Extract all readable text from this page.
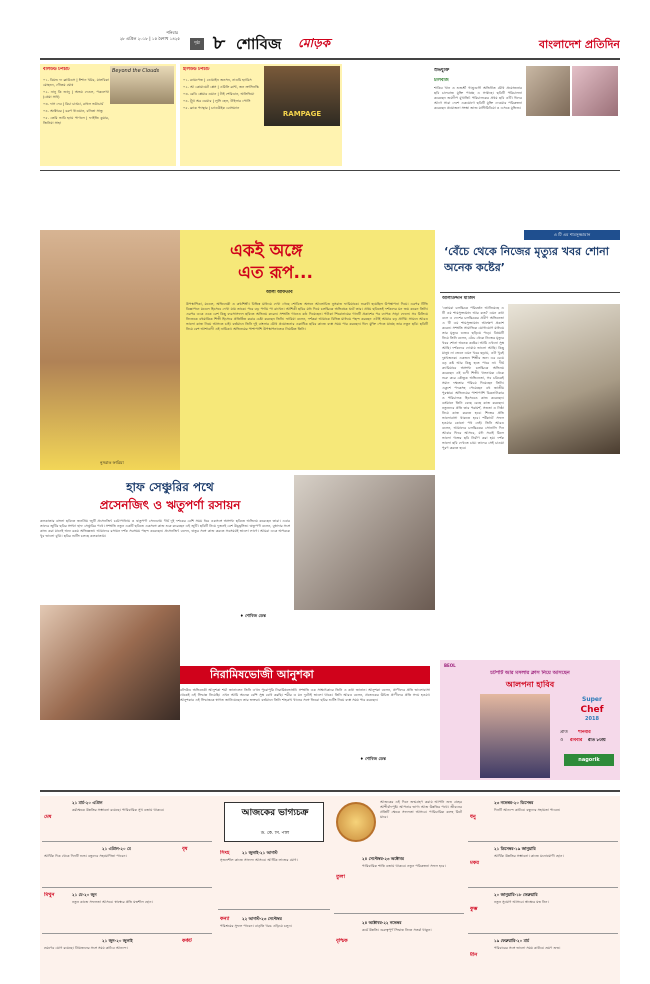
শনিবার
২৮ এপ্রিল ২০১৮ | ১৫ বৈশাখ ১৪২৫
পৃষ্ঠা ৮ শোবিজ	মোড়ক	বাংলাদেশ প্রতিদিন
বলিউড টপচার্ট	Beyond the Clouds
০১. বিয়ন্ড দ্য ক্লাউডস | ঈশান খট্টর, মালবিকা মোহনন, গৌতম ঘোষ
০২. নানু কি জানু | অভয় দেওল, পত্রলেখা (প্রেমা সাধ)
০৩. দাস দেব | রিচা চাড্ডা, রাহুল ভট্টাচার্য
০৪. অক্টোবর | বরুণ ধাওয়ান, বনিতা সান্ধু
০৫. তেরি ভাবি হ্যায় পাগলে | ফাইজি কুমার, জিনিয়া সাহা
হলিউড টপচার্ট
RAMPAGE
০১. র‍্যামপেজ | ডোয়াইন জনসন, নাওমি হ্যারিস
০২. আ কোয়ায়েট প্লেস | এমিলি ব্লান্ট, জন ক্রাসিনস্কি
০৩. রেডি প্লেয়ার ওয়ান | টাই শেরিডান, অলিভিয়া
০৪. ট্রুথ অর ডেয়ার | লুসি হেল, টাইলার পোসি
০৫. ব্ল্যাক প্যান্থার | চ্যাডউইক বোসম্যান
শুভযুক্তি
চালবাজ
শাকিব খান ও শুভশ্রী গাঙ্গুলী অভিনীত যৌথ প্রযোজনার ছবি চালবাজ মুক্তি পাচ্ছে এ সপ্তাহে। ছবিটি পরিচালনা করেছেন জয়দীপ মুখার্জি। পরিচালকের প্রথম ছবি এটি। ঈদের আগে সারা দেশে একযোগে ছবিটি মুক্তি দেওয়ার পরিকল্পনা করেছেন প্রযোজনা সংস্থা জাজ মাল্টিমিডিয়া ও এসকে মুভিজ।
নুসরাত ফারিয়া
একই অঙ্গে
এত রূপ...
আলী আফতাব
উপস্থাপিকা, মডেল, অভিনেত্রী ও কণ্ঠশিল্পী। বিভিন্ন মাধ্যমে দেখা গেছে শোবিজ অঙ্গনে আলোচিত নুসরাত ফারিয়াকে। শুরুটা হয়েছিল উপস্থাপনা দিয়ে। এরপর টিভি বিজ্ঞাপনে মডেল হিসেবে দেখা যায় তাকে। পরে বড় পর্দায় পা রাখেন। আশিকী ছবির মধ্য দিয়ে চলচ্চিত্রে অভিষেক ঘটে তার। প্রথম ছবিতেই দর্শকদের মন জয় করেন তিনি। এরপর একে একে বেশ কিছু ব্যবসাসফল ছবিতে অভিনয় করেন। সম্প্রতি গানেও কণ্ঠ দিয়েছেন। পটাকা শিরোনামের গানটি প্রকাশের পর ব্যাপক সাড়া ফেলে। সব মিলিয়ে নিজেকে বহুমাত্রিক শিল্পী হিসেবে প্রতিষ্ঠিত করার চেষ্টা করছেন তিনি। ফারিয়া বলেন, দর্শকরা আমাকে বিভিন্ন মাধ্যমে পছন্দ করছেন এটাই আমার বড় প্রাপ্তি। সামনে আরও ভালো কাজ নিয়ে আসতে চাই। বর্তমানে তিনি দুই বাংলার যৌথ প্রযোজনার একাধিক ছবির কাজে ব্যস্ত সময় পার করছেন। ঈদে মুক্তি পেতে যাচ্ছে তার নতুন ছবি। ছবিটি নিয়ে বেশ আশাবাদী এই নায়িকা। অভিনয়ের পাশাপাশি উপস্থাপনাতেও নিয়মিত তিনি।
এ টি এম শামসুজ্জামান
‘বেঁচে থেকে নিজের মৃত্যুর খবর শোনা অনেক কষ্টের’
আলাউদ্দীন মাজিদ
‘তোমরা চলচ্চিত্রে পরিবর্তন আনিয়েছে এ টি এম শামসুজ্জামান আর কত? এমন কথা বলে এ দেশের চলচ্চিত্রের প্রবীণ অভিনেতা এ টি এম শামসুজ্জামান আক্ষেপ প্রকাশ করেন। সম্প্রতি সামাজিক যোগাযোগ মাধ্যমে তার মৃত্যুর গুজব ছড়িয়ে পড়ে। বিষয়টি নিয়ে তিনি বলেন, বেঁচে থেকে নিজের মৃত্যুর খবর শোনা অনেক কষ্টের। আমি এখনো সুস্থ আছি। দর্শকদের দোয়ায় ভালো আছি। কিছু মানুষ না জেনে এমন খবর ছড়ায়, এটা খুবই দুঃখজনক। একজন শিল্পীর জন্য এর চেয়ে বড় কষ্ট আর কিছু হতে পারে না। দীর্ঘ ক্যারিয়ারে অসংখ্য চলচ্চিত্রে অভিনয় করেছেন এই গুণী শিল্পী। খলনায়ক থেকে শুরু করে কৌতুক অভিনেতা, সব চরিত্রেই সমান দক্ষতার পরিচয় দিয়েছেন তিনি। একুশে পদকসহ পেয়েছেন বহু জাতীয় পুরস্কার। অভিনয়ের পাশাপাশি চিত্রনাট্যকার ও পরিচালক হিসেবেও কাজ করেছেন। বর্তমানে তিনি বেছে বেছে কাজ করছেন। নতুনদের প্রতি তার পরামর্শ, সততা ও নিষ্ঠা নিয়ে কাজ করতে হবে। শিল্পের প্রতি ভালোবাসা থাকতে হবে। শর্টকাটে সফল হওয়ার কোনো পথ নেই। তিনি আরও বলেন, আমাদের চলচ্চিত্রের সোনালি দিন আবার ফিরে আসবে, যদি সবাই মিলে ভালো গল্পের ছবি নির্মাণ করা হয়। দর্শক ভালো ছবি দেখতে চায়। তাদের সেই চাওয়া পূরণ করতে হবে।
হাফ সেঞ্চুরির পথে
প্রসেনজিৎ ও ঋতুপর্ণা রসায়ন
কলকাতার বাংলা ছবিতে জনপ্রিয় জুটি প্রসেনজিৎ চট্টোপাধ্যায় ও ঋতুপর্ণা সেনগুপ্ত। দীর্ঘ দুই দশকের বেশি সময় ধরে একসঙ্গে অসংখ্য ছবিতে অভিনয় করেছেন তারা। এবার তাদের জুটির ছবির সংখ্যা হাফ সেঞ্চুরির পথে। সম্প্রতি নতুন একটি ছবিতে একসঙ্গে কাজ শুরু করেছেন এই জুটি। ছবিটি নিয়ে দুজনই বেশ উচ্ছ্বসিত। ঋতুপর্ণা বলেন, বুম্বাদার সঙ্গে কাজ করা মানেই অন্য রকম অভিজ্ঞতা। আমাদের রসায়ন দর্শক সবসময় পছন্দ করেছেন। প্রসেনজিৎ বলেন, ঋতুর সঙ্গে কাজ করতে সবসময়ই ভালো লাগে। আমরা একে অপরকে খুব ভালো বুঝি। ছবির শুটিং চলছে কলকাতায়।
♦ শোবিজ ডেস্ক
নিরামিষভোজী আনুশকা
বলিউড অভিনেত্রী আনুশকা শর্মা জানালেন তিনি এখন পুরোপুরি নিরামিষভোজী। সম্প্রতি এক সাক্ষাৎকারে তিনি এ কথা জানান। আনুশকা বলেন, প্রাণীদের প্রতি ভালোবাসা থেকেই এই সিদ্ধান্ত নিয়েছি। এখন আমি অনেক বেশি সুস্থ বোধ করছি। শরীর ও মন দুটোই ভালো থাকে। তিনি আরও বলেন, প্রত্যেকের উচিত প্রাণীদের প্রতি সদয় হওয়া। আনুশকার এই সিদ্ধান্তকে স্বাগত জানিয়েছেন তার ভক্তরা। বর্তমানে তিনি শাহরুখ খানের সঙ্গে জিরো ছবির শুটিং নিয়ে ব্যস্ত সময় পার করছেন।
♦ শোবিজ ডেস্ক
BEOL
চটপটি আর মসলার ক্লাস নিয়ে আসছেন
আলপনা হাবিব
Super
Chef
2018
প্রতি	শনিবার
ও	রবিবার	রাত ৮টায়
nagorik
মেষ
২১ মার্চ-২০ এপ্রিল
কর্মক্ষেত্রে উন্নতির সম্ভাবনা রয়েছে। পারিবারিক সুখ বজায় থাকবে।
বৃষ
২১ এপ্রিল-২০ মে
আর্থিক দিক থেকে দিনটি শুভ। বন্ধুদের সহযোগিতা পাবেন।
মিথুন	২১ মে-২০ জুন
নতুন কাজে সফলতা আসবে। স্বাস্থ্যের প্রতি যত্নশীল হোন।
কর্কট
২১ জুন-২০ জুলাই
ভ্রমণের যোগ রয়েছে। প্রিয়জনের সঙ্গে সময় কাটবে আনন্দে।
আজকের ভাগ্যচক্র
ড. কে. সি. পাল
সিংহ	২১ জুলাই-২১ আগস্ট
সৃজনশীল কাজে সাফল্য আসবে। আর্থিক লাভের যোগ।
কন্যা	২২ আগস্ট-২৩ সেপ্টেম্বর
পরিশ্রমের সুফল পাবেন। বাড়তি খরচ এড়িয়ে চলুন।
আজকের এই দিনে জন্মগ্রহণ করায় আপনি শুভ গ্রহের আশীর্বাদপুষ্ট। আপনার ভাগ্য আজ উন্নতির পথে। জীবনের প্রতিটি ক্ষেত্রে সফলতা আসবে। পারিবারিক কলহ মিটে যাবে।
তুলা
২৪ সেপ্টেম্বর-২৩ অক্টোবর
পারিবারিক শান্তি বজায় থাকবে। নতুন পরিকল্পনা সফল হবে।
বৃশ্চিক
২৪ অক্টোবর-২২ নভেম্বর
কর্মে উন্নতি। গুরুত্বপূর্ণ সিদ্ধান্ত নিতে সতর্ক থাকুন।
ধনু
২৩ নভেম্বর-২০ ডিসেম্বর
দিনটি আনন্দে কাটবে। বন্ধুদের সহায়তা পাবেন।
মকর
২১ ডিসেম্বর-১৯ জানুয়ারি
আর্থিক উন্নতির সম্ভাবনা। কাজে মনোযোগী হোন।
কুম্ভ
২০ জানুয়ারি-১৮ ফেব্রুয়ারি
নতুন সুযোগ আসবে। স্বাস্থ্যের যত্ন নিন।
মীন
১৯ ফেব্রুয়ারি-২০ মার্চ
পরিবারের সঙ্গে ভালো সময় কাটবে। ভ্রমণ শুভ।
